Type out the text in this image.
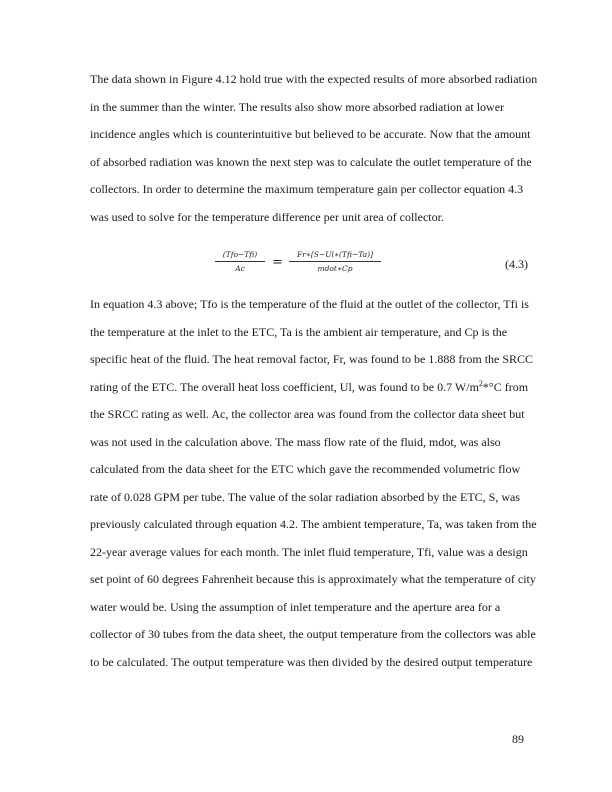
The data shown in Figure 4.12 hold true with the expected results of more absorbed radiation
in the summer than the winter. The results also show more absorbed radiation at lower
incidence angles which is counterintuitive but believed to be accurate. Now that the amount
of absorbed radiation was known the next step was to calculate the outlet temperature of the
collectors. In order to determine the maximum temperature gain per collector equation 4.3
was used to solve for the temperature difference per unit area of collector.
(Tfo−Tfi)
Ac	=
Fr∗[S−Ul∗(Tfi−Ta)]
mdot∗Cp	(4.3)
In equation 4.3 above; Tfo is the temperature of the fluid at the outlet of the collector, Tfi is
the temperature at the inlet to the ETC, Ta is the ambient air temperature, and Cp is the
specific heat of the fluid. The heat removal factor, Fr, was found to be 1.888 from the SRCC
rating of the ETC. The overall heat loss coefficient, Ul, was found to be 0.7 $W/m^2*^\circ C$ from
the SRCC rating as well. Ac, the collector area was found from the collector data sheet but
was not used in the calculation above. The mass flow rate of the fluid, mdot, was also
calculated from the data sheet for the ETC which gave the recommended volumetric flow
rate of 0.028 GPM per tube. The value of the solar radiation absorbed by the ETC, S, was
previously calculated through equation 4.2. The ambient temperature, Ta, was taken from the
22-year average values for each month. The inlet fluid temperature, Tfi, value was a design
set point of 60 degrees Fahrenheit because this is approximately what the temperature of city
water would be. Using the assumption of inlet temperature and the aperture area for a
collector of 30 tubes from the data sheet, the output temperature from the collectors was able
to be calculated. The output temperature was then divided by the desired output temperature
89
